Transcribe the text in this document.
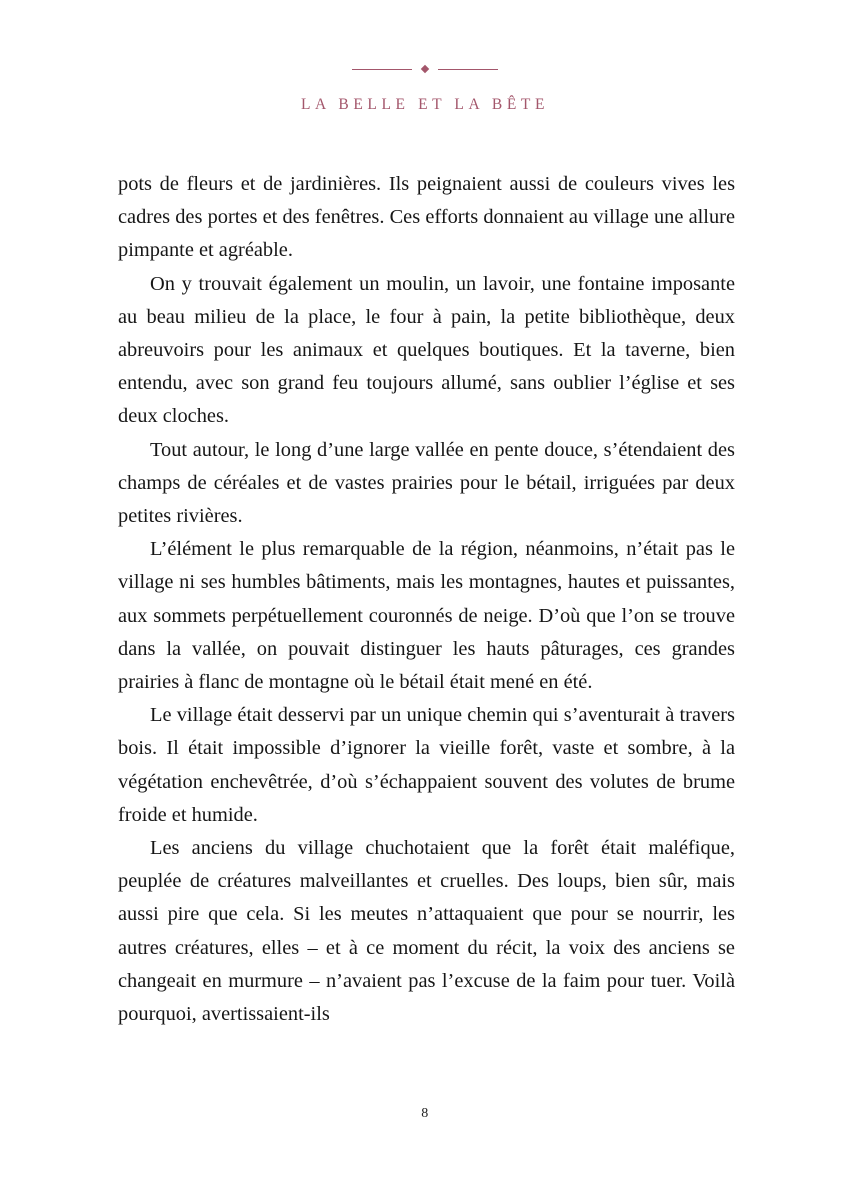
LA BELLE ET LA BÊTE

pots de fleurs et de jardinières. Ils peignaient aussi de couleurs vives les cadres des portes et des fenêtres. Ces efforts donnaient au village une allure pimpante et agréable.

On y trouvait également un moulin, un lavoir, une fontaine imposante au beau milieu de la place, le four à pain, la petite bibliothèque, deux abreuvoirs pour les animaux et quelques boutiques. Et la taverne, bien entendu, avec son grand feu toujours allumé, sans oublier l’église et ses deux cloches.

Tout autour, le long d’une large vallée en pente douce, s’étendaient des champs de céréales et de vastes prairies pour le bétail, irriguées par deux petites rivières.

L’élément le plus remarquable de la région, néanmoins, n’était pas le village ni ses humbles bâtiments, mais les montagnes, hautes et puissantes, aux sommets perpétuellement couronnés de neige. D’où que l’on se trouve dans la vallée, on pouvait distinguer les hauts pâturages, ces grandes prairies à flanc de montagne où le bétail était mené en été.

Le village était desservi par un unique chemin qui s’aventurait à travers bois. Il était impossible d’ignorer la vieille forêt, vaste et sombre, à la végétation enchevêtrée, d’où s’échappaient souvent des volutes de brume froide et humide.

Les anciens du village chuchotaient que la forêt était maléfique, peuplée de créatures malveillantes et cruelles. Des loups, bien sûr, mais aussi pire que cela. Si les meutes n’attaquaient que pour se nourrir, les autres créatures, elles – et à ce moment du récit, la voix des anciens se changeait en murmure – n’avaient pas l’excuse de la faim pour tuer. Voilà pourquoi, avertissaient-ils

8
